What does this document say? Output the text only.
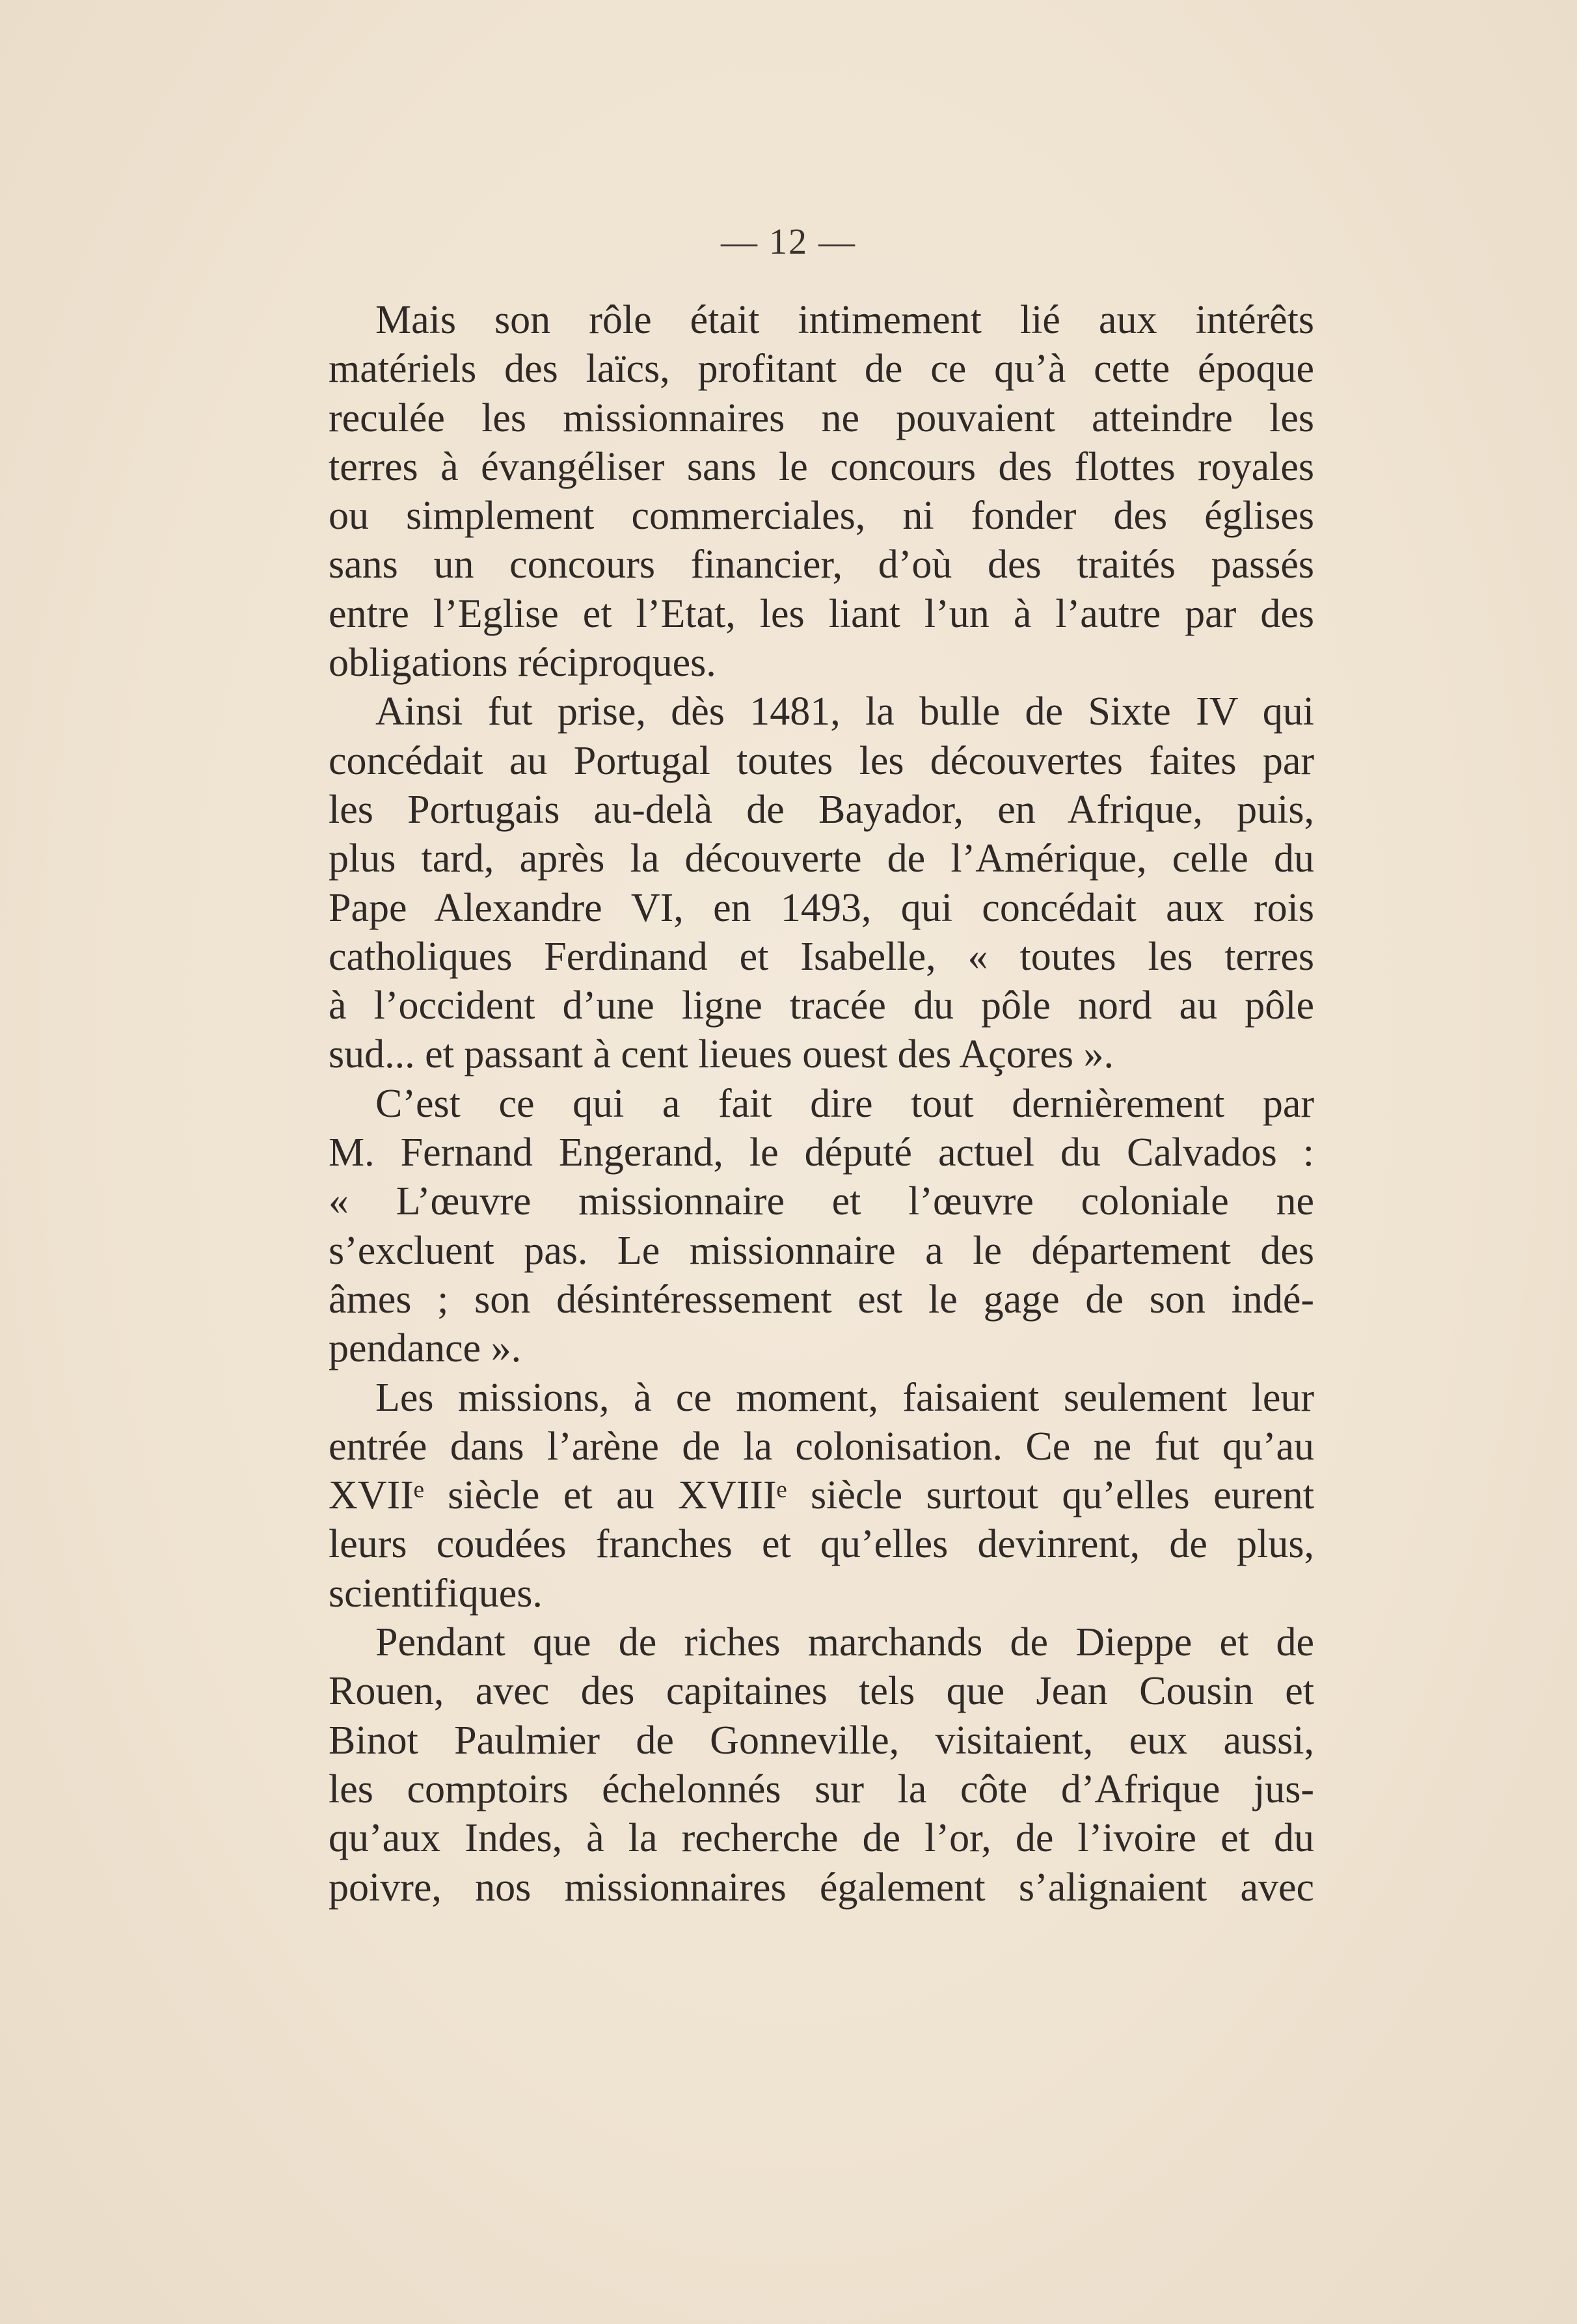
— 12 —
Mais son rôle était intimement lié aux intérêts
matériels des laïcs, profitant de ce qu’à cette époque
reculée les missionnaires ne pouvaient atteindre les
terres à évangéliser sans le concours des flottes royales
ou simplement commerciales, ni fonder des églises
sans un concours financier, d’où des traités passés
entre l’Eglise et l’Etat, les liant l’un à l’autre par des
obligations réciproques.
Ainsi fut prise, dès 1481, la bulle de Sixte IV qui
concédait au Portugal toutes les découvertes faites par
les Portugais au-delà de Bayador, en Afrique, puis,
plus tard, après la découverte de l’Amérique, celle du
Pape Alexandre VI, en 1493, qui concédait aux rois
catholiques Ferdinand et Isabelle, « toutes les terres
à l’occident d’une ligne tracée du pôle nord au pôle
sud... et passant à cent lieues ouest des Açores ».
C’est ce qui a fait dire tout dernièrement par
M. Fernand Engerand, le député actuel du Calvados :
« L’œuvre missionnaire et l’œuvre coloniale ne
s’excluent pas. Le missionnaire a le département des
âmes ; son désintéressement est le gage de son indé-
pendance ».
Les missions, à ce moment, faisaient seulement leur
entrée dans l’arène de la colonisation. Ce ne fut qu’au
XVIIᵉ siècle et au XVIIIᵉ siècle surtout qu’elles eurent
leurs coudées franches et qu’elles devinrent, de plus,
scientifiques.
Pendant que de riches marchands de Dieppe et de
Rouen, avec des capitaines tels que Jean Cousin et
Binot Paulmier de Gonneville, visitaient, eux aussi,
les comptoirs échelonnés sur la côte d’Afrique jus-
qu’aux Indes, à la recherche de l’or, de l’ivoire et du
poivre, nos missionnaires également s’alignaient avec
